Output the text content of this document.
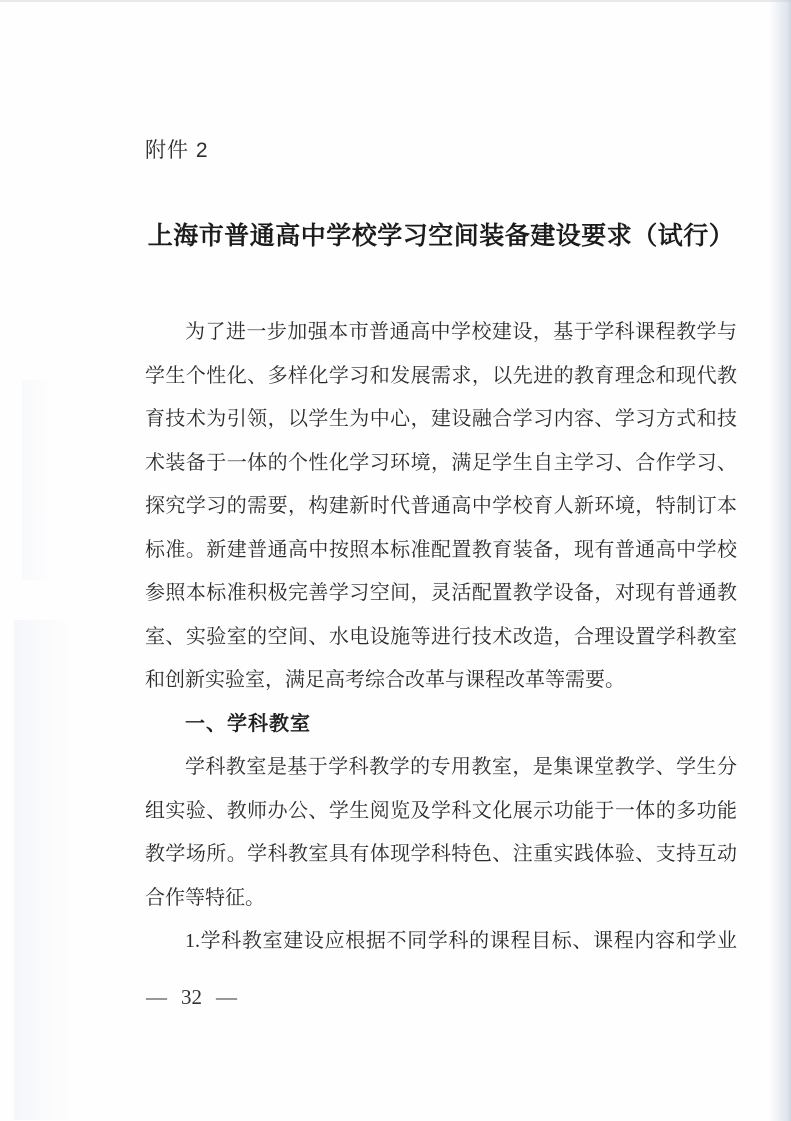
附件 2
上海市普通高中学校学习空间装备建设要求（试行）
为了进一步加强本市普通高中学校建设，基于学科课程教学与
学生个性化、多样化学习和发展需求，以先进的教育理念和现代教
育技术为引领，以学生为中心，建设融合学习内容、学习方式和技
术装备于一体的个性化学习环境，满足学生自主学习、合作学习、
探究学习的需要，构建新时代普通高中学校育人新环境，特制订本
标准。新建普通高中按照本标准配置教育装备，现有普通高中学校
参照本标准积极完善学习空间，灵活配置教学设备，对现有普通教
室、实验室的空间、水电设施等进行技术改造，合理设置学科教室
和创新实验室，满足高考综合改革与课程改革等需要。
一、学科教室
学科教室是基于学科教学的专用教室，是集课堂教学、学生分
组实验、教师办公、学生阅览及学科文化展示功能于一体的多功能
教学场所。学科教室具有体现学科特色、注重实践体验、支持互动
合作等特征。
1.学科教室建设应根据不同学科的课程目标、课程内容和学业
— 32 —
